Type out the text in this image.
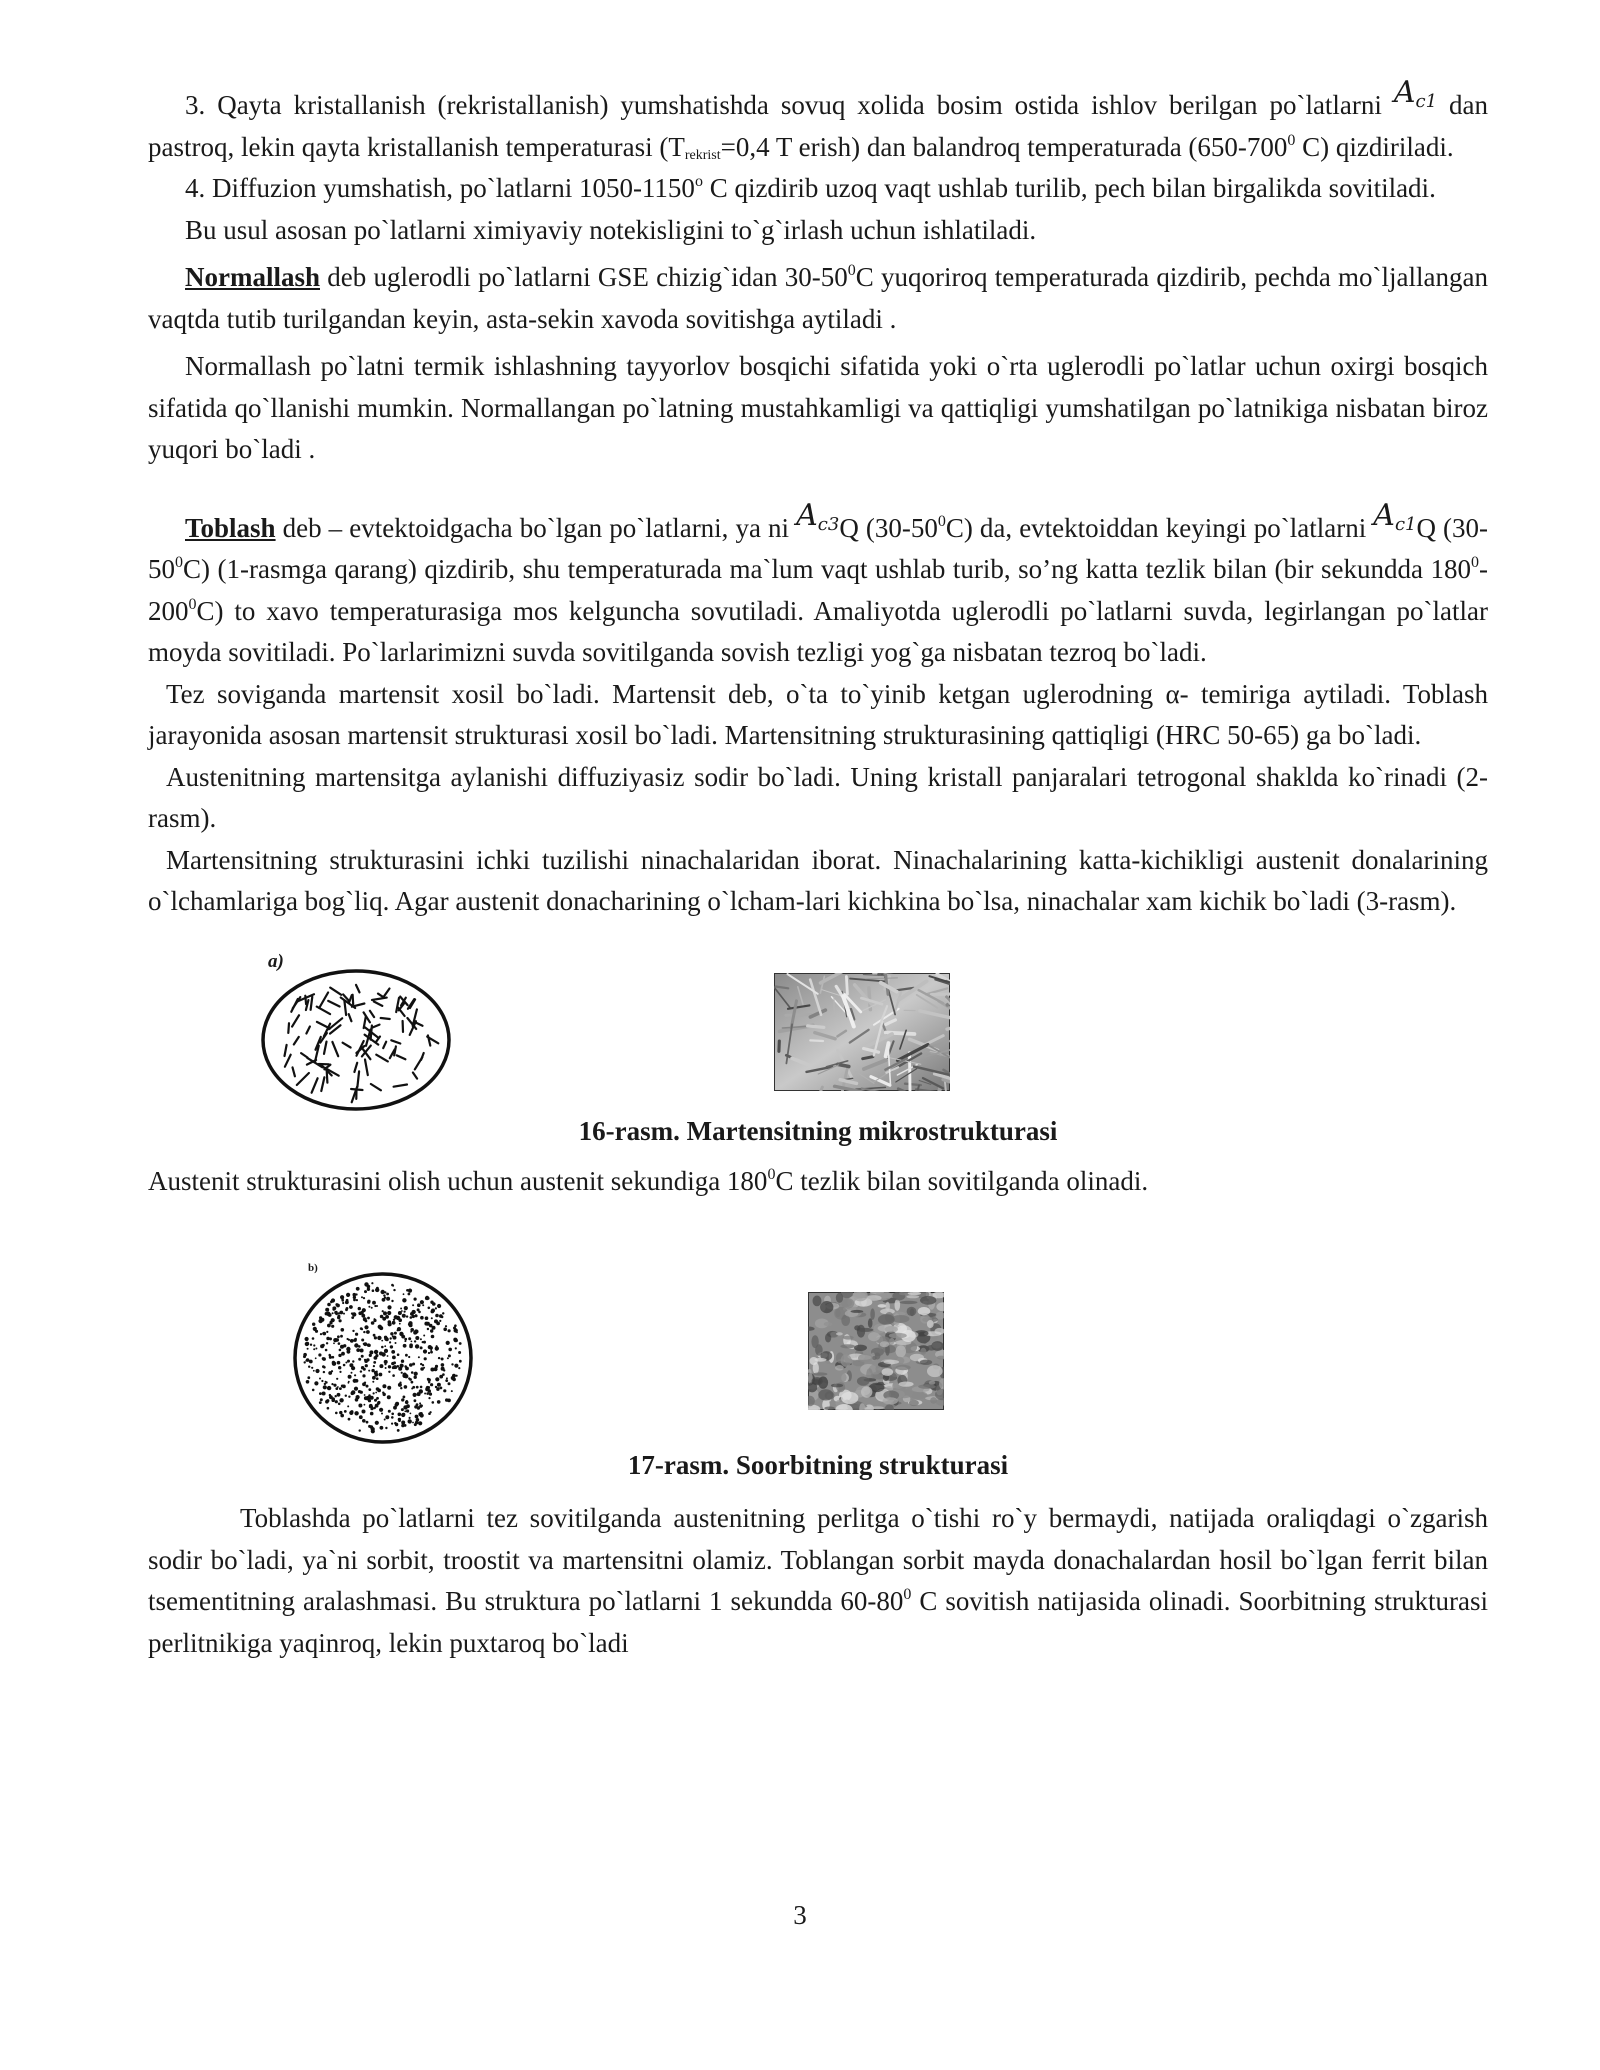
3. Qayta kristallanish (rekristallanish) yumshatishda sovuq xolida bosim ostida ishlov berilgan po`latlarni $A^{c1}$ dan pastroq, lekin qayta kristallanish temperaturasi ($T_{rekrist}=0,4$ T erish) dan balandroq temperaturada ($650-700^0$ C) qizdiriladi.

4. Diffuzion yumshatish, po`latlarni 1050-1150$^o$ C qizdirib uzoq vaqt ushlab turilib, pech bilan birgalikda sovitiladi.

Bu usul asosan po`latlarni ximiyaviy notekisligini to`g`irlash uchun ishlatiladi.

Normallash deb uglerodli po`latlarni GSE chizig`idan $30-50^0C$ yuqoriroq temperaturada qizdirib, pechda mo`ljallangan vaqtda tutib turilgandan keyin, asta-sekin xavoda sovitishga aytiladi .

Normallash po`latni termik ishlashning tayyorlov bosqichi sifatida yoki o`rta uglerodli po`latlar uchun oxirgi bosqich sifatida qo`llanishi mumkin. Normallangan po`latning mustahkamligi va qattiqligi yumshatilgan po`latnikiga nisbatan biroz yuqori bo`ladi .

Toblash deb – evtektoidgacha bo`lgan po`latlarni, ya ni $A^{c3}Q$ $(30-50^0C)$ da, evtektoiddan keyingi po`latlarni $A^{c1}Q$ $(30-50^0C)$ (1-rasmga qarang) qizdirib, shu temperaturada ma`lum vaqt ushlab turib, so’ng katta tezlik bilan (bir sekundda $180^0-200^0C$) to xavo temperaturasiga mos kelguncha sovutiladi. Amaliyotda uglerodli po`latlarni suvda, legirlangan po`latlar moyda sovitiladi. Po`larlarimizni suvda sovitilganda sovish tezligi yog`ga nisbatan tezroq bo`ladi.

Tez soviganda martensit xosil bo`ladi. Martensit deb, o`ta to`yinib ketgan uglerodning α- temiriga aytiladi. Toblash jarayonida asosan martensit strukturasi xosil bo`ladi. Martensitning strukturasining qattiqligi (HRC 50-65) ga bo`ladi.

Austenitning martensitga aylanishi diffuziyasiz sodir bo`ladi. Uning kristall panjaralari tetrogonal shaklda ko`rinadi (2-rasm).

Martensitning strukturasini ichki tuzilishi ninachalaridan iborat. Ninachalarining katta-kichikligi austenit donalarining o`lchamlariga bog`liq. Agar austenit donacharining o`lcham-lari kichkina bo`lsa, ninachalar xam kichik bo`ladi (3-rasm).

a)
16-rasm. Martensitning mikrostrukturasi

Austenit strukturasini olish uchun austenit sekundiga $180^0C$ tezlik bilan sovitilganda olinadi.

b)
17-rasm. Soorbitning strukturasi

Toblashda po`latlarni tez sovitilganda austenitning perlitga o`tishi ro`y bermaydi, natijada oraliqdagi o`zgarish sodir bo`ladi, ya`ni sorbit, troostit va martensitni olamiz. Toblangan sorbit mayda donachalardan hosil bo`lgan ferrit bilan tsementitning aralashmasi. Bu struktura po`latlarni 1 sekundda $60-80^0$ C sovitish natijasida olinadi. Soorbitning strukturasi perlitnikiga yaqinroq, lekin puxtaroq bo`ladi

3
